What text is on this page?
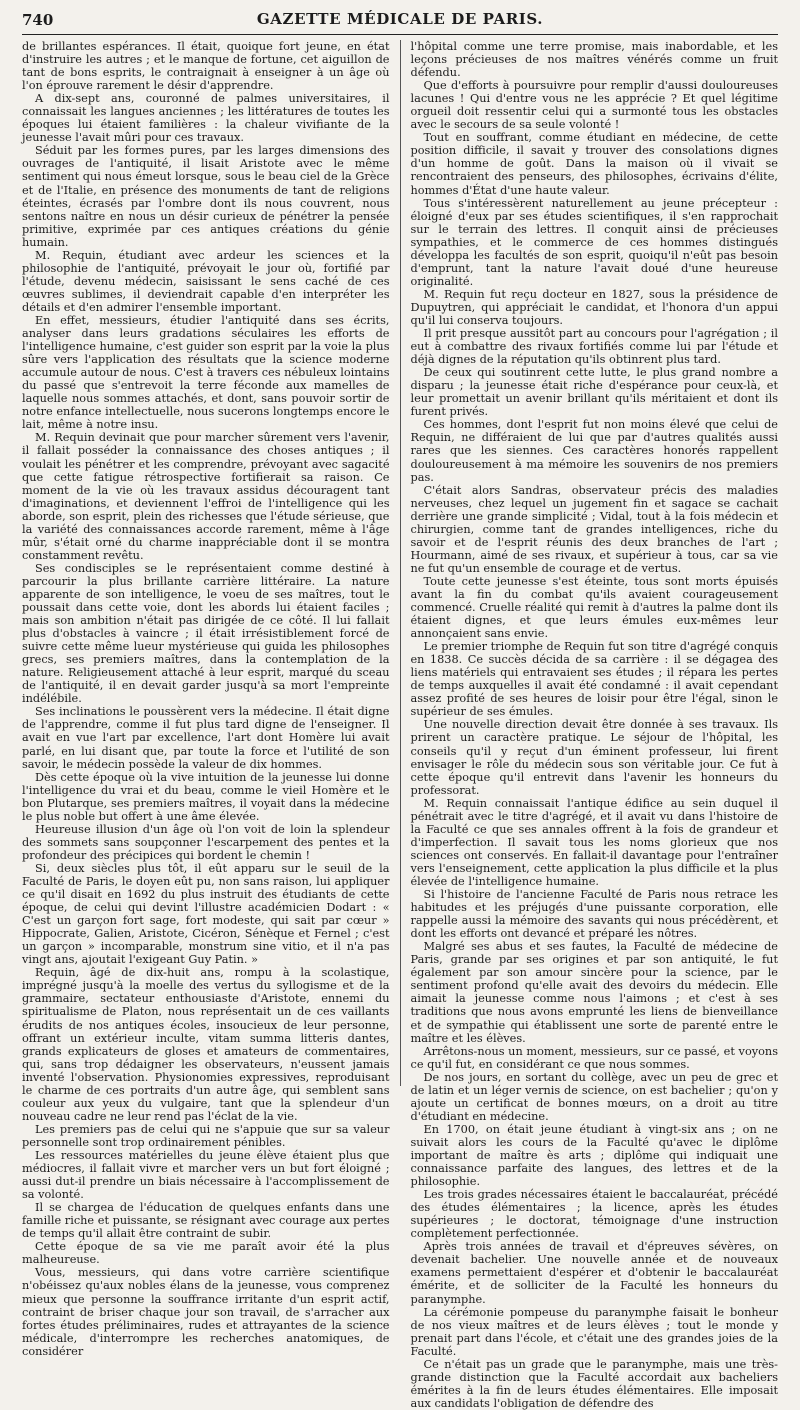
740	GAZETTE MÉDICALE DE PARIS.

de brillantes espérances. Il était, quoique fort jeune, en état d'instruire les autres ; et le manque de fortune, cet aiguillon de tant de bons esprits, le contraignait à enseigner à un âge où l'on éprouve rarement le désir d'apprendre.

A dix-sept ans, couronné de palmes universitaires, il connaissait les langues anciennes ; les littératures de toutes les époques lui étaient familières : la chaleur vivifiante de la jeunesse l'avait mûri pour ces travaux.

Séduit par les formes pures, par les larges dimensions des ouvrages de l'antiquité, il lisait Aristote avec le même sentiment qui nous émeut lorsque, sous le beau ciel de la Grèce et de l'Italie, en présence des monuments de tant de religions éteintes, écrasés par l'ombre dont ils nous couvrent, nous sentons naître en nous un désir curieux de pénétrer la pensée primitive, exprimée par ces antiques créations du génie humain.

M. Requin, étudiant avec ardeur les sciences et la philosophie de l'antiquité, prévoyait le jour où, fortifié par l'étude, devenu médecin, saisissant le sens caché de ces œuvres sublimes, il deviendrait capable d'en interpréter les détails et d'en admirer l'ensemble important.

En effet, messieurs, étudier l'antiquité dans ses écrits, analyser dans leurs gradations séculaires les efforts de l'intelligence humaine, c'est guider son esprit par la voie la plus sûre vers l'application des résultats que la science moderne accumule autour de nous. C'est à travers ces nébuleux lointains du passé que s'entrevoit la terre féconde aux mamelles de laquelle nous sommes attachés, et dont, sans pouvoir sortir de notre enfance intellectuelle, nous sucerons longtemps encore le lait, même à notre insu.

M. Requin devinait que pour marcher sûrement vers l'avenir, il fallait posséder la connaissance des choses antiques ; il voulait les pénétrer et les comprendre, prévoyant avec sagacité que cette fatigue rétrospective fortifierait sa raison. Ce moment de la vie où les travaux assidus découragent tant d'imaginations, et deviennent l'effroi de l'intelligence qui les aborde, son esprit, plein des richesses que l'étude sérieuse, que la variété des connaissances accorde rarement, même à l'âge mûr, s'était orné du charme inappréciable dont il se montra constamment revêtu.

Ses condisciples se le représentaient comme destiné à parcourir la plus brillante carrière littéraire. La nature apparente de son intelligence, le voeu de ses maîtres, tout le poussait dans cette voie, dont les abords lui étaient faciles ; mais son ambition n'était pas dirigée de ce côté. Il lui fallait plus d'obstacles à vaincre ; il était irrésistiblement forcé de suivre cette même lueur mystérieuse qui guida les philosophes grecs, ses premiers maîtres, dans la contemplation de la nature. Religieusement attaché à leur esprit, marqué du sceau de l'antiquité, il en devait garder jusqu'à sa mort l'empreinte indélébile.

Ses inclinations le poussèrent vers la médecine. Il était digne de l'apprendre, comme il fut plus tard digne de l'enseigner. Il avait en vue l'art par excellence, l'art dont Homère lui avait parlé, en lui disant que, par toute la force et l'utilité de son savoir, le médecin possède la valeur de dix hommes.

Dès cette époque où la vive intuition de la jeunesse lui donne l'intelligence du vrai et du beau, comme le vieil Homère et le bon Plutarque, ses premiers maîtres, il voyait dans la médecine le plus noble but offert à une âme élevée.

Heureuse illusion d'un âge où l'on voit de loin la splendeur des sommets sans soupçonner l'escarpement des pentes et la profondeur des précipices qui bordent le chemin !

Si, deux siècles plus tôt, il eût apparu sur le seuil de la Faculté de Paris, le doyen eût pu, non sans raison, lui appliquer ce qu'il disait en 1692 du plus instruit des étudiants de cette époque, de celui qui devint l'illustre académicien Dodart : « C'est un garçon fort sage, fort modeste, qui sait par cœur » Hippocrate, Galien, Aristote, Cicéron, Sénèque et Fernel ; c'est un garçon » incomparable, monstrum sine vitio, et il n'a pas vingt ans, ajoutait l'exigeant Guy Patin. »

Requin, âgé de dix-huit ans, rompu à la scolastique, imprégné jusqu'à la moelle des vertus du syllogisme et de la grammaire, sectateur enthousiaste d'Aristote, ennemi du spiritualisme de Platon, nous représentait un de ces vaillants érudits de nos antiques écoles, insoucieux de leur personne, offrant un extérieur inculte, vitam summa litteris dantes, grands explicateurs de gloses et amateurs de commentaires, qui, sans trop dédaigner les observateurs, n'eussent jamais inventé l'observation. Physionomies expressives, reproduisant le charme de ces portraits d'un autre âge, qui semblent sans couleur aux yeux du vulgaire, tant que la splendeur d'un nouveau cadre ne leur rend pas l'éclat de la vie.

Les premiers pas de celui qui ne s'appuie que sur sa valeur personnelle sont trop ordinairement pénibles.

Les ressources matérielles du jeune élève étaient plus que médiocres, il fallait vivre et marcher vers un but fort éloigné ; aussi dut-il prendre un biais nécessaire à l'accomplissement de sa volonté.

Il se chargea de l'éducation de quelques enfants dans une famille riche et puissante, se résignant avec courage aux pertes de temps qu'il allait être contraint de subir.

Cette époque de sa vie me paraît avoir été la plus malheureuse.

Vous, messieurs, qui dans votre carrière scientifique n'obéissez qu'aux nobles élans de la jeunesse, vous comprenez mieux que personne la souffrance irritante d'un esprit actif, contraint de briser chaque jour son travail, de s'arracher aux fortes études préliminaires, rudes et attrayantes de la science médicale, d'interrompre les recherches anatomiques, de considérer

l'hôpital comme une terre promise, mais inabordable, et les leçons précieuses de nos maîtres vénérés comme un fruit défendu.

Que d'efforts à poursuivre pour remplir d'aussi douloureuses lacunes ! Qui d'entre vous ne les apprécie ? Et quel légitime orgueil doit ressentir celui qui a surmonté tous les obstacles avec le secours de sa seule volonté !

Tout en souffrant, comme étudiant en médecine, de cette position difficile, il savait y trouver des consolations dignes d'un homme de goût. Dans la maison où il vivait se rencontraient des penseurs, des philosophes, écrivains d'élite, hommes d'État d'une haute valeur.

Tous s'intéressèrent naturellement au jeune précepteur : éloigné d'eux par ses études scientifiques, il s'en rapprochait sur le terrain des lettres. Il conquit ainsi de précieuses sympathies, et le commerce de ces hommes distingués développa les facultés de son esprit, quoiqu'il n'eût pas besoin d'emprunt, tant la nature l'avait doué d'une heureuse originalité.

M. Requin fut reçu docteur en 1827, sous la présidence de Dupuytren, qui appréciait le candidat, et l'honora d'un appui qu'il lui conserva toujours.

Il prit presque aussitôt part au concours pour l'agrégation ; il eut à combattre des rivaux fortifiés comme lui par l'étude et déjà dignes de la réputation qu'ils obtinrent plus tard.

De ceux qui soutinrent cette lutte, le plus grand nombre a disparu ; la jeunesse était riche d'espérance pour ceux-là, et leur promettait un avenir brillant qu'ils méritaient et dont ils furent privés.

Ces hommes, dont l'esprit fut non moins élevé que celui de Requin, ne différaient de lui que par d'autres qualités aussi rares que les siennes. Ces caractères honorés rappellent douloureusement à ma mémoire les souvenirs de nos premiers pas.

C'était alors Sandras, observateur précis des maladies nerveuses, chez lequel un jugement fin et sagace se cachait derrière une grande simplicité ; Vidal, tout à la fois médecin et chirurgien, comme tant de grandes intelligences, riche du savoir et de l'esprit réunis des deux branches de l'art ; Hourmann, aimé de ses rivaux, et supérieur à tous, car sa vie ne fut qu'un ensemble de courage et de vertus.

Toute cette jeunesse s'est éteinte, tous sont morts épuisés avant la fin du combat qu'ils avaient courageusement commencé. Cruelle réalité qui remit à d'autres la palme dont ils étaient dignes, et que leurs émules eux-mêmes leur annonçaient sans envie.

Le premier triomphe de Requin fut son titre d'agrégé conquis en 1838. Ce succès décida de sa carrière : il se dégagea des liens matériels qui entravaient ses études ; il répara les pertes de temps auxquelles il avait été condamné : il avait cependant assez profité de ses heures de loisir pour être l'égal, sinon le supérieur de ses émules.

Une nouvelle direction devait être donnée à ses travaux. Ils prirent un caractère pratique. Le séjour de l'hôpital, les conseils qu'il y reçut d'un éminent professeur, lui firent envisager le rôle du médecin sous son véritable jour. Ce fut à cette époque qu'il entrevit dans l'avenir les honneurs du professorat.

M. Requin connaissait l'antique édifice au sein duquel il pénétrait avec le titre d'agrégé, et il avait vu dans l'histoire de la Faculté ce que ses annales offrent à la fois de grandeur et d'imperfection. Il savait tous les noms glorieux que nos sciences ont conservés. En fallait-il davantage pour l'entraîner vers l'enseignement, cette application la plus difficile et la plus élevée de l'intelligence humaine.

Si l'histoire de l'ancienne Faculté de Paris nous retrace les habitudes et les préjugés d'une puissante corporation, elle rappelle aussi la mémoire des savants qui nous précédèrent, et dont les efforts ont devancé et préparé les nôtres.

Malgré ses abus et ses fautes, la Faculté de médecine de Paris, grande par ses origines et par son antiquité, le fut également par son amour sincère pour la science, par le sentiment profond qu'elle avait des devoirs du médecin. Elle aimait la jeunesse comme nous l'aimons ; et c'est à ses traditions que nous avons emprunté les liens de bienveillance et de sympathie qui établissent une sorte de parenté entre le maître et les élèves.

Arrêtons-nous un moment, messieurs, sur ce passé, et voyons ce qu'il fut, en considérant ce que nous sommes.

De nos jours, en sortant du collège, avec un peu de grec et de latin et un léger vernis de science, on est bachelier ; qu'on y ajoute un certificat de bonnes mœurs, on a droit au titre d'étudiant en médecine.

En 1700, on était jeune étudiant à vingt-six ans ; on ne suivait alors les cours de la Faculté qu'avec le diplôme important de maître ès arts ; diplôme qui indiquait une connaissance parfaite des langues, des lettres et de la philosophie.

Les trois grades nécessaires étaient le baccalauréat, précédé des études élémentaires ; la licence, après les études supérieures ; le doctorat, témoignage d'une instruction complètement perfectionnée.

Après trois années de travail et d'épreuves sévères, on devenait bachelier. Une nouvelle année et de nouveaux examens permettaient d'espérer et d'obtenir le baccalauréat émérite, et de solliciter de la Faculté les honneurs du paranymphe.

La cérémonie pompeuse du paranymphe faisait le bonheur de nos vieux maîtres et de leurs élèves ; tout le monde y prenait part dans l'école, et c'était une des grandes joies de la Faculté.

Ce n'était pas un grade que le paranymphe, mais une très-grande distinction que la Faculté accordait aux bacheliers émérites à la fin de leurs études élémentaires. Elle imposait aux candidats l'obligation de défendre des
